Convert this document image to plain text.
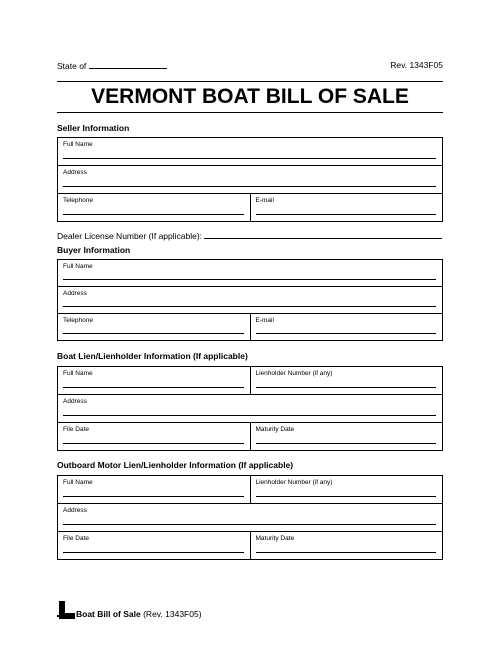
State of	Rev. 1343F05
VERMONT BOAT BILL OF SALE
Seller Information
Full Name
Address
Telephone	E-mail
Dealer License Number (If applicable):
Buyer Information
Full Name
Address
Telephone	E-mail
Boat Lien/Lienholder Information (If applicable)
Full Name	Lienholder Number (if any)
Address
File Date	Maturity Date
Outboard Motor Lien/Lienholder Information (If applicable)
Full Name	Lienholder Number (if any)
Address
File Date	Maturity Date
Boat Bill of Sale
(Rev. 1343F05)
